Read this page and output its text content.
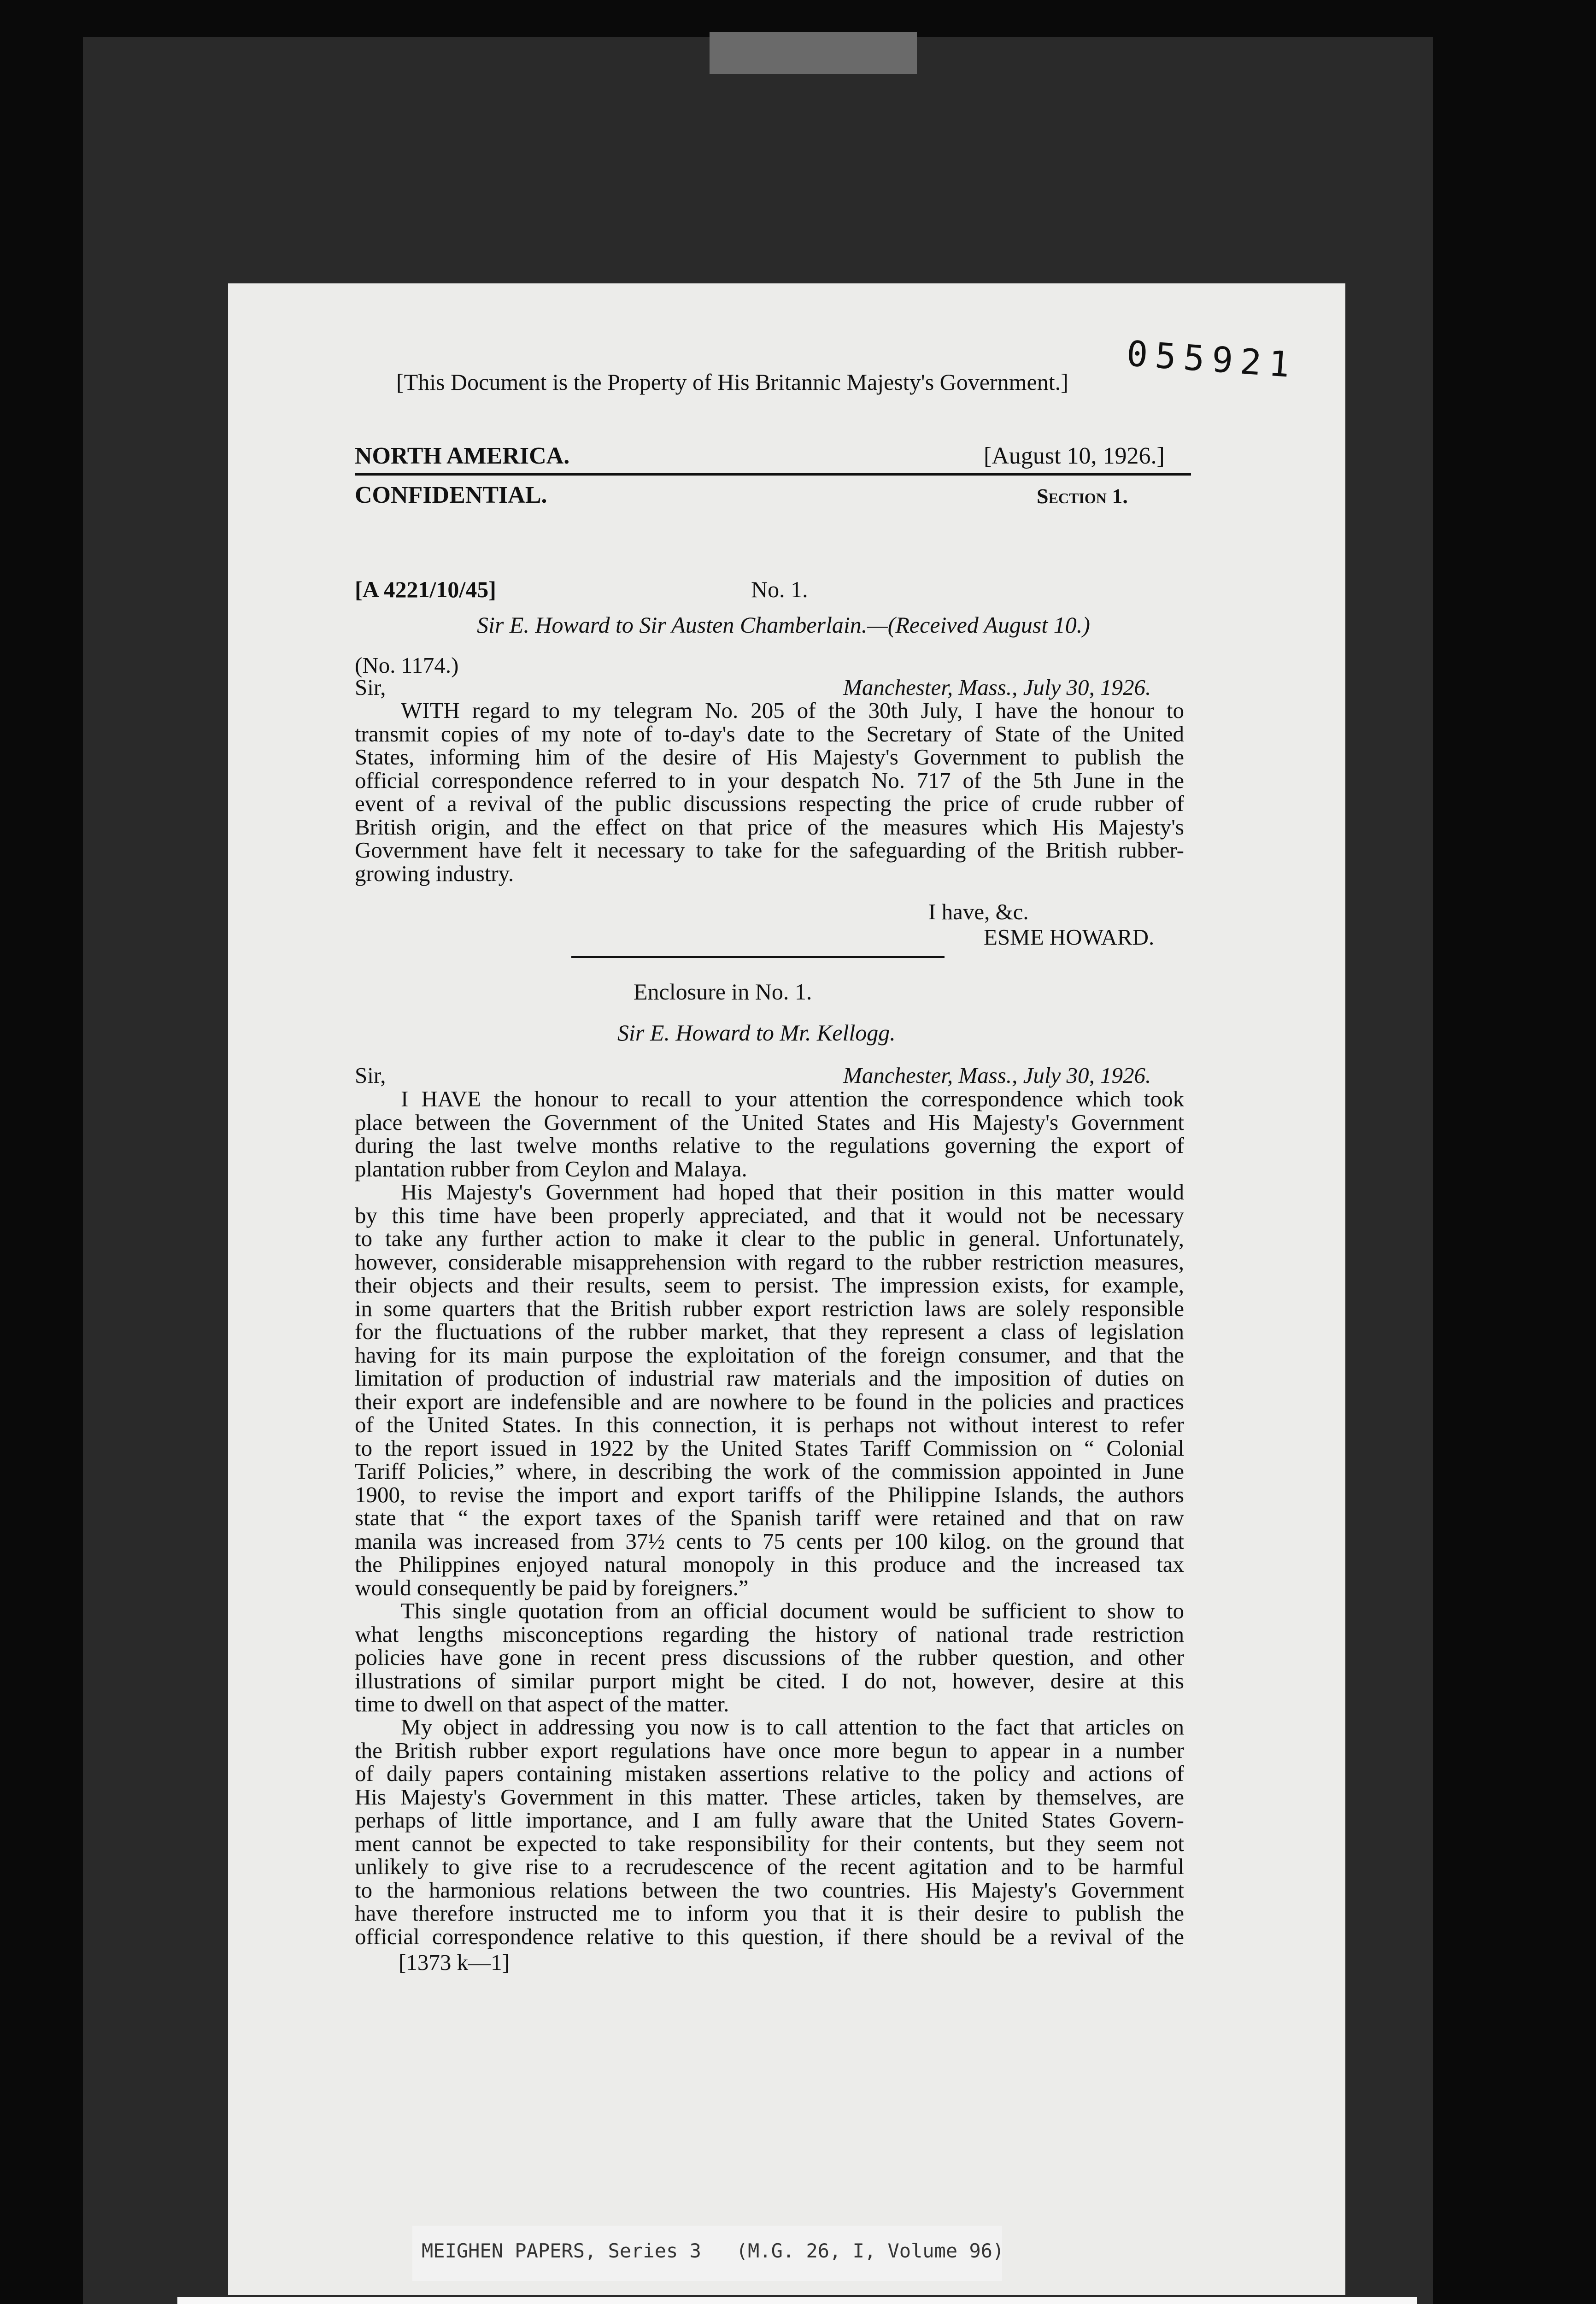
055921
[This Document is the Property of His Britannic Majesty's Government.]
NORTH AMERICA.	[August 10, 1926.]
CONFIDENTIAL.	Section 1.
[A 4221/10/45]	No. 1.
Sir E. Howard to Sir Austen Chamberlain.—(Received August 10.)
(No. 1174.)
Sir,	Manchester, Mass., July 30, 1926.
WITH regard to my telegram No. 205 of the 30th July, I have the honour to
transmit copies of my note of to-day's date to the Secretary of State of the United
States, informing him of the desire of His Majesty's Government to publish the
official correspondence referred to in your despatch No. 717 of the 5th June in the
event of a revival of the public discussions respecting the price of crude rubber of
British origin, and the effect on that price of the measures which His Majesty's
Government have felt it necessary to take for the safeguarding of the British rubber-
growing industry.
I have, &c.
ESME HOWARD.
Enclosure in No. 1.
Sir E. Howard to Mr. Kellogg.
Sir,	Manchester, Mass., July 30, 1926.
I HAVE the honour to recall to your attention the correspondence which took
place between the Government of the United States and His Majesty's Government
during the last twelve months relative to the regulations governing the export of
plantation rubber from Ceylon and Malaya.
His Majesty's Government had hoped that their position in this matter would
by this time have been properly appreciated, and that it would not be necessary
to take any further action to make it clear to the public in general. Unfortunately,
however, considerable misapprehension with regard to the rubber restriction measures,
their objects and their results, seem to persist. The impression exists, for example,
in some quarters that the British rubber export restriction laws are solely responsible
for the fluctuations of the rubber market, that they represent a class of legislation
having for its main purpose the exploitation of the foreign consumer, and that the
limitation of production of industrial raw materials and the imposition of duties on
their export are indefensible and are nowhere to be found in the policies and practices
of the United States. In this connection, it is perhaps not without interest to refer
to the report issued in 1922 by the United States Tariff Commission on “ Colonial
Tariff Policies,” where, in describing the work of the commission appointed in June
1900, to revise the import and export tariffs of the Philippine Islands, the authors
state that “ the export taxes of the Spanish tariff were retained and that on raw
manila was increased from 37½ cents to 75 cents per 100 kilog. on the ground that
the Philippines enjoyed natural monopoly in this produce and the increased tax
would consequently be paid by foreigners.”
This single quotation from an official document would be sufficient to show to
what lengths misconceptions regarding the history of national trade restriction
policies have gone in recent press discussions of the rubber question, and other
illustrations of similar purport might be cited. I do not, however, desire at this
time to dwell on that aspect of the matter.
My object in addressing you now is to call attention to the fact that articles on
the British rubber export regulations have once more begun to appear in a number
of daily papers containing mistaken assertions relative to the policy and actions of
His Majesty's Government in this matter. These articles, taken by themselves, are
perhaps of little importance, and I am fully aware that the United States Govern-
ment cannot be expected to take responsibility for their contents, but they seem not
unlikely to give rise to a recrudescence of the recent agitation and to be harmful
to the harmonious relations between the two countries. His Majesty's Government
have therefore instructed me to inform you that it is their desire to publish the
official correspondence relative to this question, if there should be a revival of the
[1373 k—1]
MEIGHEN PAPERS, Series 3   (M.G. 26, I, Volume 96)
